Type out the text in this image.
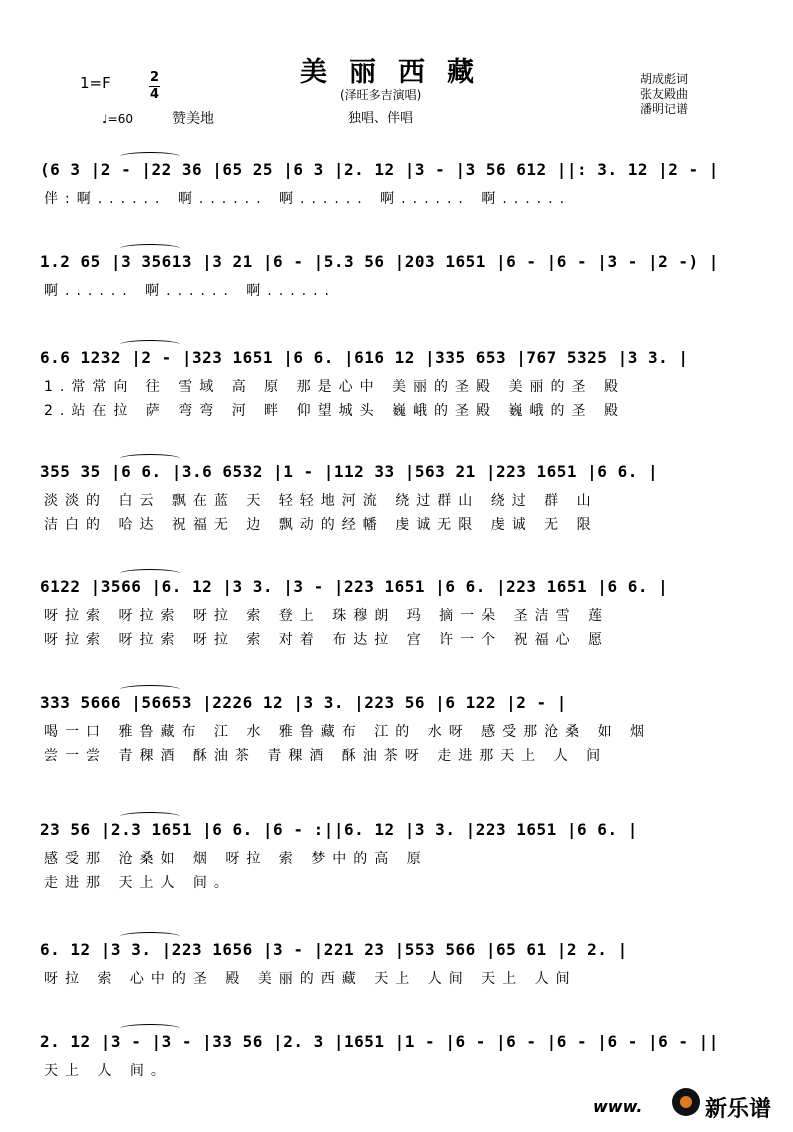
美丽西藏
(泽旺多吉演唱)
独唱、伴唱
1=F	$\frac{2}{4}$
♩=60	赞美地
胡成彪词
张友殿曲
潘明记谱
(6 3 |2 - |22 36 |65 25 |6 3 |2. 12 |3 - |3 56 612 ||: 3. 12 |2 - |
伴:啊...... 啊...... 啊...... 啊...... 啊......
1.2 65 |3 35613 |3 21 |6 - |5.3 56 |203 1651 |6 - |6 - |3 - |2 -) |
啊...... 啊...... 啊......
6.6 1232 |2 - |323 1651 |6 6. |616 12 |335 653 |767 5325 |3 3. |
1.常常向 往 雪域 高 原 那是心中 美丽的圣殿 美丽的圣 殿
2.站在拉 萨 弯弯 河 畔 仰望城头 巍峨的圣殿 巍峨的圣 殿
355 35 |6 6. |3.6 6532 |1 - |112 33 |563 21 |223 1651 |6 6. |
淡淡的 白云 飘在蓝 天 轻轻地河流 绕过群山 绕过 群 山
洁白的 哈达 祝福无 边 飘动的经幡 虔诚无限 虔诚 无 限
6122 |3566 |6. 12 |3 3. |3 - |223 1651 |6 6. |223 1651 |6 6. |
呀拉索 呀拉索 呀拉 索 登上 珠穆朗 玛 摘一朵 圣洁雪 莲
呀拉索 呀拉索 呀拉 索 对着 布达拉 宫 许一个 祝福心 愿
333 5666 |56653 |2226 12 |3 3. |223 56 |6 122 |2 - |
喝一口 雅鲁藏布 江 水 雅鲁藏布 江的 水呀 感受那沧桑 如 烟
尝一尝 青稞酒 酥油茶 青稞酒 酥油茶呀 走进那天上 人 间
23 56 |2.3 1651 |6 6. |6 - :||6. 12 |3 3. |223 1651 |6 6. |
感受那 沧桑如 烟 呀拉 索 梦中的高 原
走进那 天上人 间。
6. 12 |3 3. |223 1656 |3 - |221 23 |553 566 |65 61 |2 2. |
呀拉 索 心中的圣 殿 美丽的西藏 天上 人间 天上 人间
2. 12 |3 - |3 - |33 56 |2. 3 |1651 |1 - |6 - |6 - |6 - |6 - |6 - ||
天上 人 间。
www.	新乐谱
